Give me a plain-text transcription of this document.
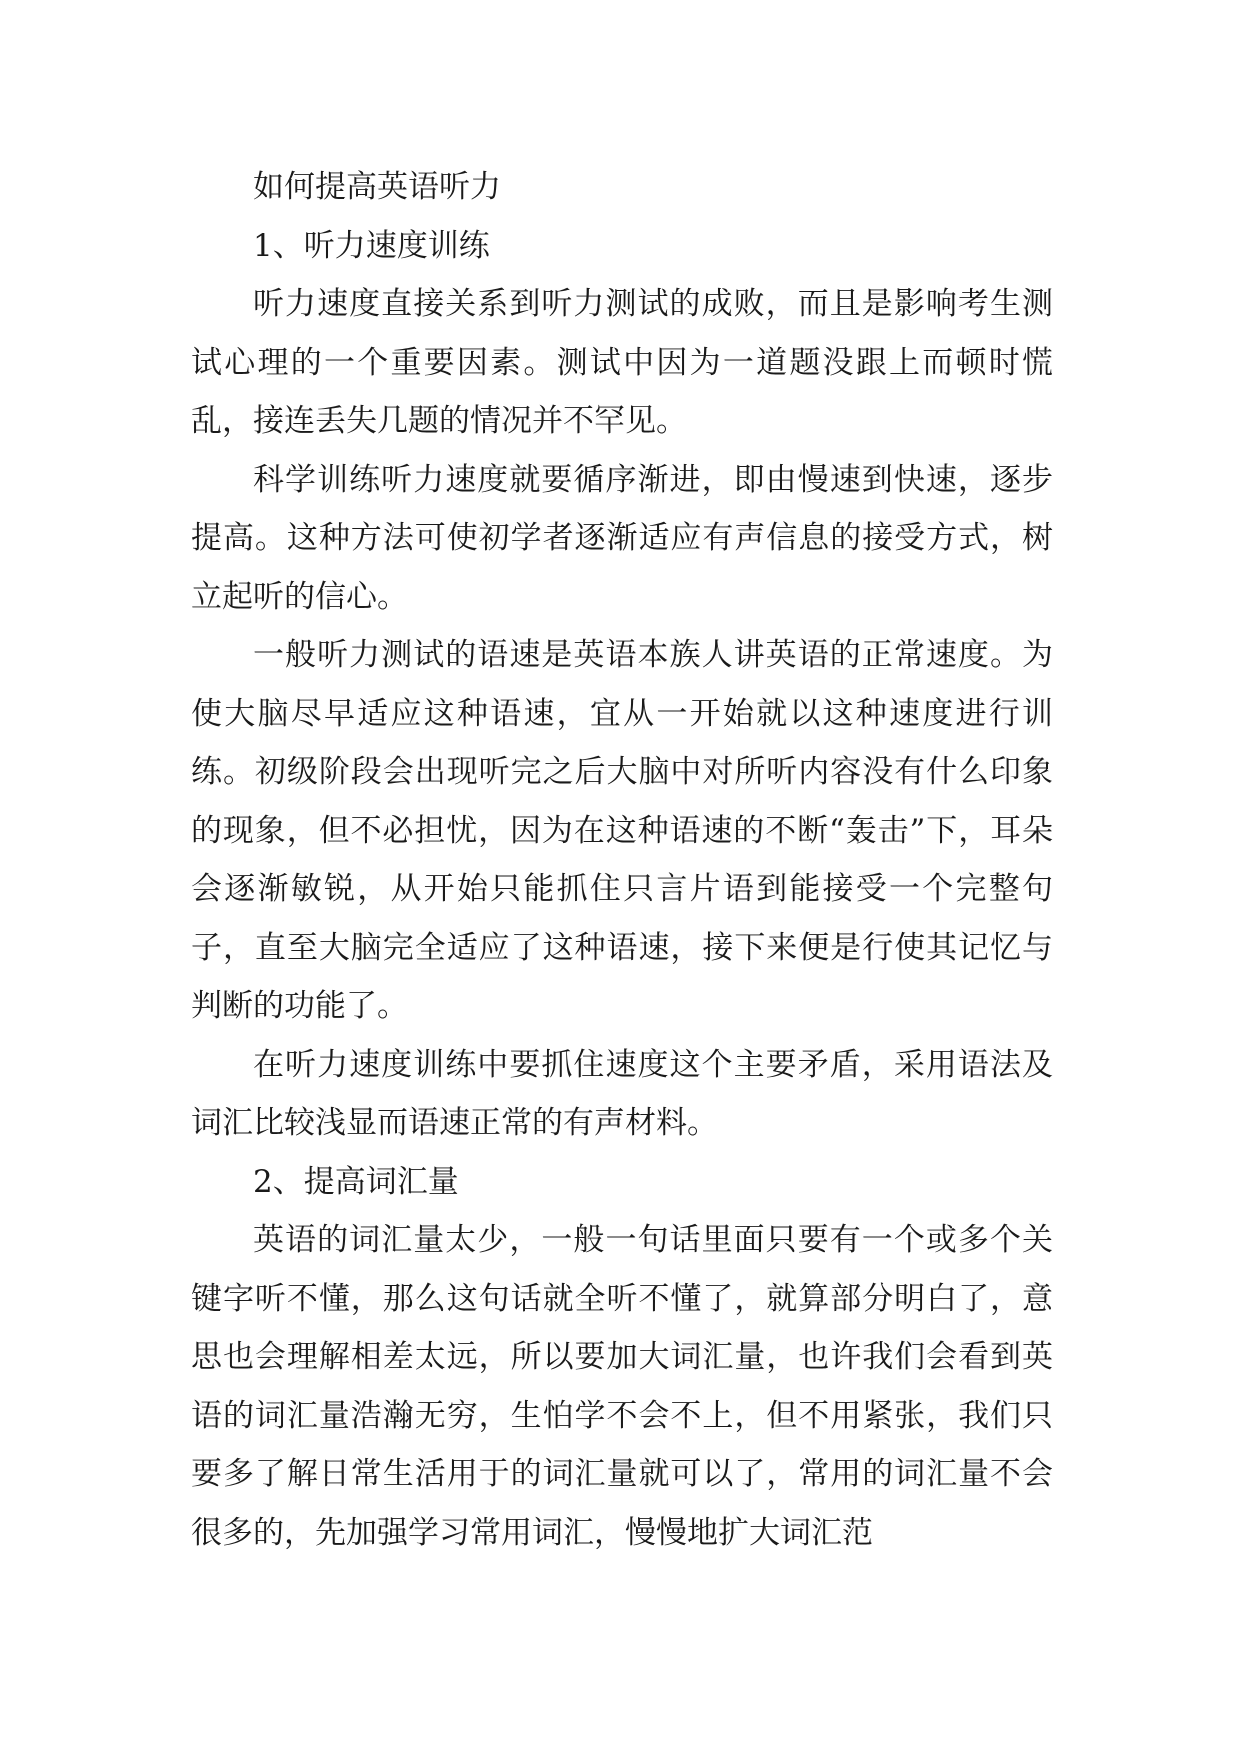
如何提高英语听力

1、听力速度训练

听力速度直接关系到听力测试的成败，而且是影响考生测试心理的一个重要因素。测试中因为一道题没跟上而顿时慌乱，接连丢失几题的情况并不罕见。

科学训练听力速度就要循序渐进，即由慢速到快速，逐步提高。这种方法可使初学者逐渐适应有声信息的接受方式，树立起听的信心。

一般听力测试的语速是英语本族人讲英语的正常速度。为使大脑尽早适应这种语速，宜从一开始就以这种速度进行训练。初级阶段会出现听完之后大脑中对所听内容没有什么印象的现象，但不必担忧，因为在这种语速的不断“轰击”下，耳朵会逐渐敏锐，从开始只能抓住只言片语到能接受一个完整句子，直至大脑完全适应了这种语速，接下来便是行使其记忆与判断的功能了。

在听力速度训练中要抓住速度这个主要矛盾，采用语法及词汇比较浅显而语速正常的有声材料。

2、提高词汇量

英语的词汇量太少，一般一句话里面只要有一个或多个关键字听不懂，那么这句话就全听不懂了，就算部分明白了，意思也会理解相差太远，所以要加大词汇量，也许我们会看到英语的词汇量浩瀚无穷，生怕学不会不上，但不用紧张，我们只要多了解日常生活用于的词汇量就可以了，常用的词汇量不会很多的，先加强学习常用词汇，慢慢地扩大词汇范
